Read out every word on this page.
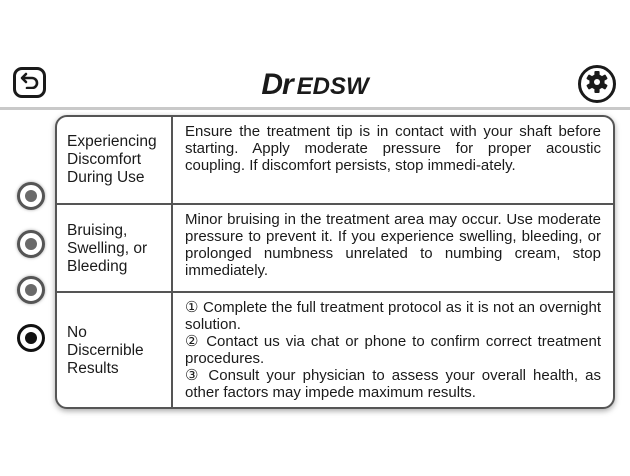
Dr EDSW
Experiencing Discomfort During Use

Ensure the treatment tip is in contact with your shaft before starting. Apply moderate pressure for proper acoustic coupling. If discomfort persists, stop immedi-ately.

Bruising, Swelling, or Bleeding

Minor bruising in the treatment area may occur. Use moderate pressure to prevent it. If you experience swelling, bleeding, or prolonged numbness unrelated to numbing cream, stop immediately.

No Discernible Results

① Complete the full treatment protocol as it is not an overnight solution.

② Contact us via chat or phone to confirm correct treatment procedures.

③ Consult your physician to assess your overall health, as other factors may impede maximum results.
